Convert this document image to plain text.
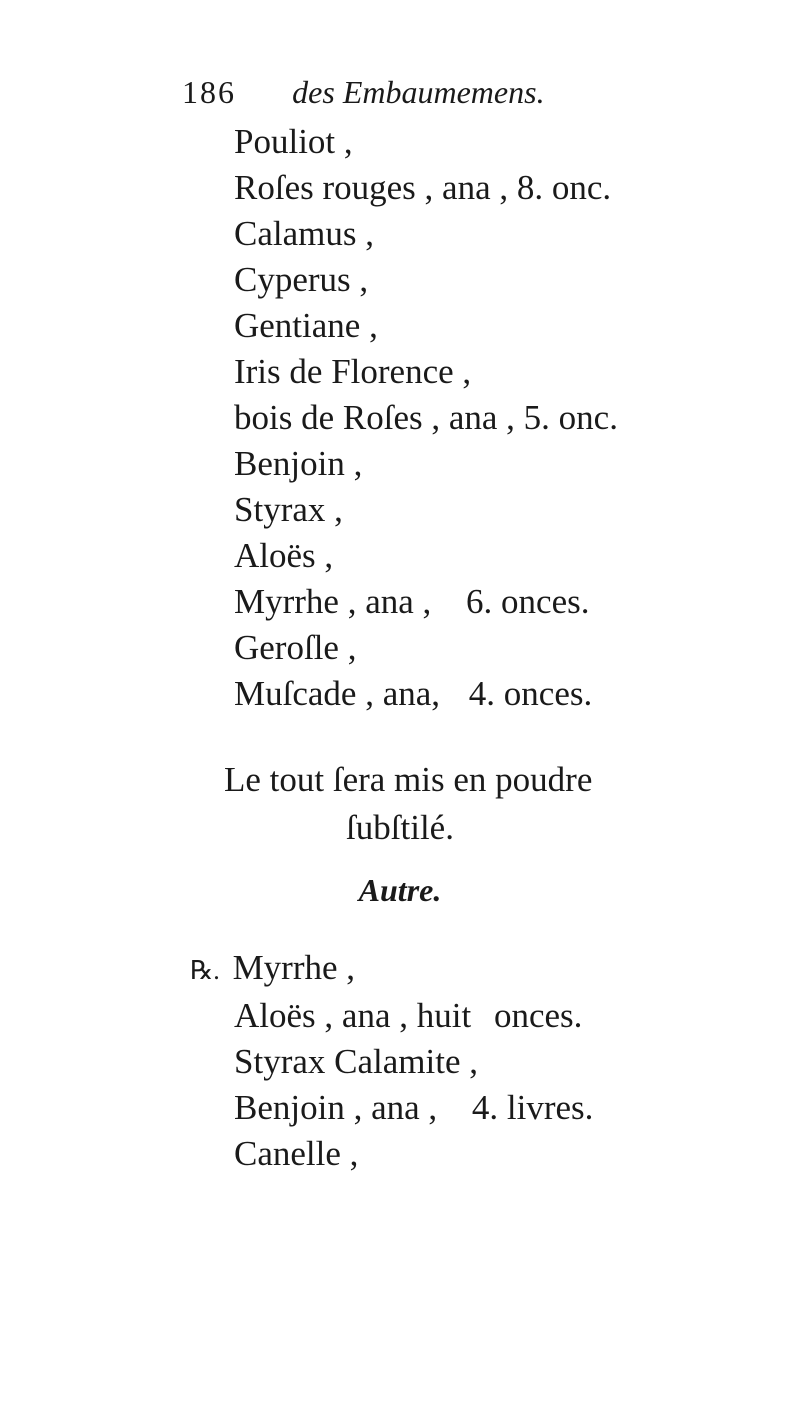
186 des Embaumemens.
Pouliot ,
Roſes rouges , ana , 8. onc.
Calamus ,
Cyperus ,
Gentiane ,
Iris de Florence ,
bois de Roſes , ana , 5. onc.
Benjoin ,
Styrax ,
Aloës ,
Myrrhe , ana , 6. onces.
Geroſle ,
Muſcade , ana, 4. onces.
Le tout ſera mis en poudre
ſubſtilé.
Autre.
℞. Myrrhe ,
Aloës , ana , huit onces.
Styrax Calamite ,
Benjoin , ana , 4. livres.
Canelle ,
